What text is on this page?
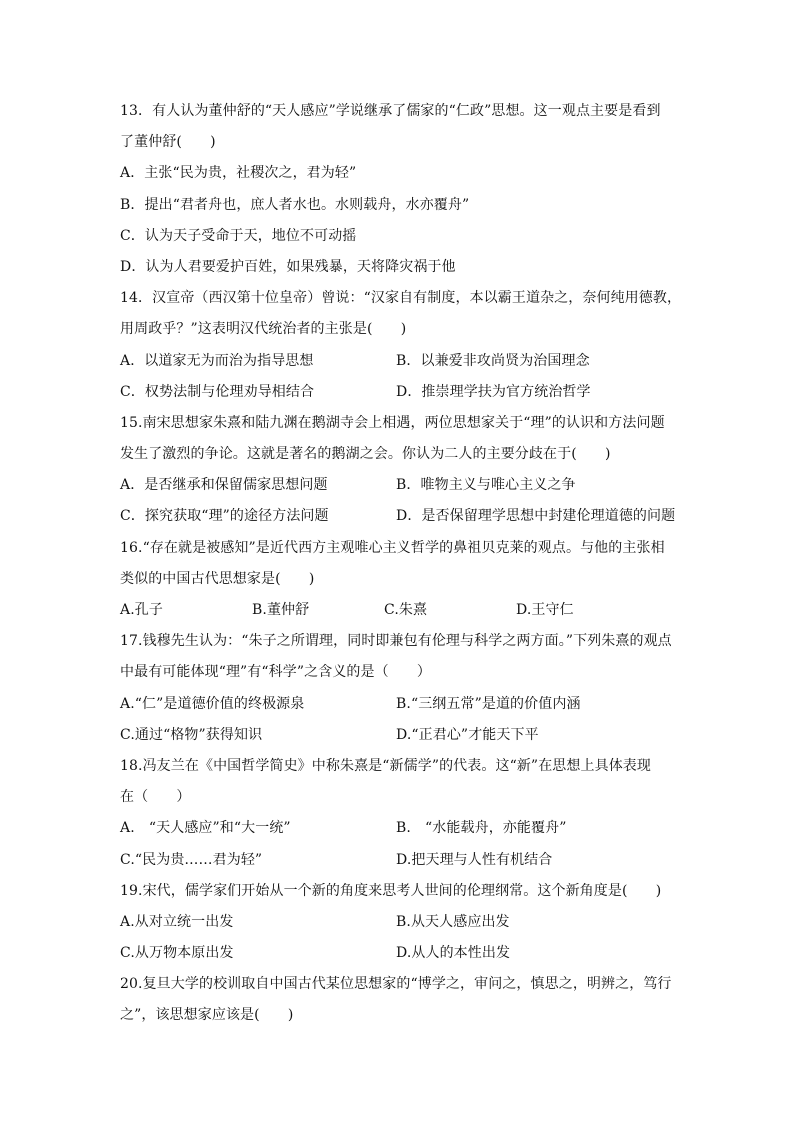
13．有人认为董仲舒的“天人感应”学说继承了儒家的“仁政”思想。这一观点主要是看到
了董仲舒(　　)
A．主张“民为贵，社稷次之，君为轻”
B．提出“君者舟也，庶人者水也。水则载舟，水亦覆舟”
C．认为天子受命于天，地位不可动摇
D．认为人君要爱护百姓，如果残暴，天将降灾祸于他
14．汉宣帝（西汉第十位皇帝）曾说：“汉家自有制度，本以霸王道杂之，奈何纯用德教，
用周政乎？”这表明汉代统治者的主张是(　　)
A．以道家无为而治为指导思想	B．以兼爱非攻尚贤为治国理念
C．权势法制与伦理劝导相结合	D．推崇理学扶为官方统治哲学
15.南宋思想家朱熹和陆九渊在鹅湖寺会上相遇，两位思想家关于“理”的认识和方法问题
发生了激烈的争论。这就是著名的鹅湖之会。你认为二人的主要分歧在于(　　)
A．是否继承和保留儒家思想问题	B．唯物主义与唯心主义之争
C．探究获取“理”的途径方法问题	D．是否保留理学思想中封建伦理道德的问题
16.“存在就是被感知”是近代西方主观唯心主义哲学的鼻祖贝克莱的观点。与他的主张相
类似的中国古代思想家是(　　)
A.孔子	B.董仲舒	C.朱熹	D.王守仁
17.钱穆先生认为：“朱子之所谓理，同时即兼包有伦理与科学之两方面。”下列朱熹的观点
中最有可能体现“理”有“科学”之含义的是（　　）
A.“仁”是道德价值的终极源泉	B.“三纲五常”是道的价值内涵
C.通过“格物”获得知识	D.“正君心”才能天下平
18.冯友兰在《中国哲学简史》中称朱熹是“新儒学”的代表。这“新”在思想上具体表现
在（　　）
A.　“天人感应”和“大一统”	B.　“水能载舟，亦能覆舟”
C.“民为贵……君为轻”	D.把天理与人性有机结合
19.宋代，儒学家们开始从一个新的角度来思考人世间的伦理纲常。这个新角度是(　　)
A.从对立统一出发	B.从天人感应出发
C.从万物本原出发	D.从人的本性出发
20.复旦大学的校训取自中国古代某位思想家的“博学之，审问之，慎思之，明辨之，笃行
之”，该思想家应该是(　　)
